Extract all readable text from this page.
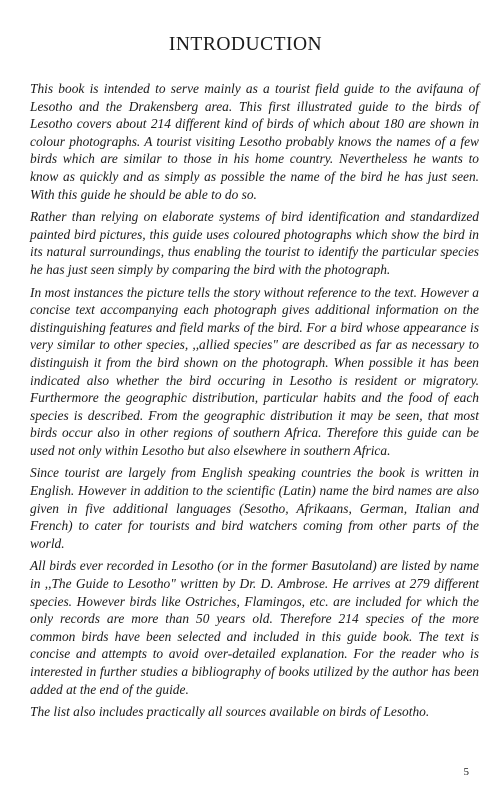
INTRODUCTION

This book is intended to serve mainly as a tourist field guide to the avifauna of Lesotho and the Drakensberg area. This first illustrated guide to the birds of Lesotho covers about 214 different kind of birds of which about 180 are shown in colour photographs. A tourist visiting Lesotho probably knows the names of a few birds which are similar to those in his home country. Nevertheless he wants to know as quickly and as simply as possible the name of the bird he has just seen. With this guide he should be able to do so.

Rather than relying on elaborate systems of bird identification and standardized painted bird pictures, this guide uses coloured photographs which show the bird in its natural surroundings, thus enabling the tourist to identify the particular species he has just seen simply by comparing the bird with the photograph.

In most instances the picture tells the story without reference to the text. However a concise text accompanying each photograph gives additional information on the distinguishing features and field marks of the bird. For a bird whose appearance is very similar to other species, ,,allied species" are described as far as necessary to distinguish it from the bird shown on the photograph. When possible it has been indicated also whether the bird occuring in Lesotho is resident or migratory. Furthermore the geographic distribution, particular habits and the food of each species is described. From the geographic distribution it may be seen, that most birds occur also in other regions of southern Africa. Therefore this guide can be used not only within Lesotho but also elsewhere in southern Africa.

Since tourist are largely from English speaking countries the book is written in English. However in addition to the scientific (Latin) name the bird names are also given in five additional languages (Sesotho, Afrikaans, German, Italian and French) to cater for tourists and bird watchers coming from other parts of the world.

All birds ever recorded in Lesotho (or in the former Basutoland) are listed by name in ,,The Guide to Lesotho" written by Dr. D. Ambrose. He arrives at 279 different species. However birds like Ostriches, Flamingos, etc. are included for which the only records are more than 50 years old. Therefore 214 species of the more common birds have been selected and included in this guide book. The text is concise and attempts to avoid over-detailed explanation. For the reader who is interested in further studies a bibliography of books utilized by the author has been added at the end of the guide.

The list also includes practically all sources available on birds of Lesotho.

5
